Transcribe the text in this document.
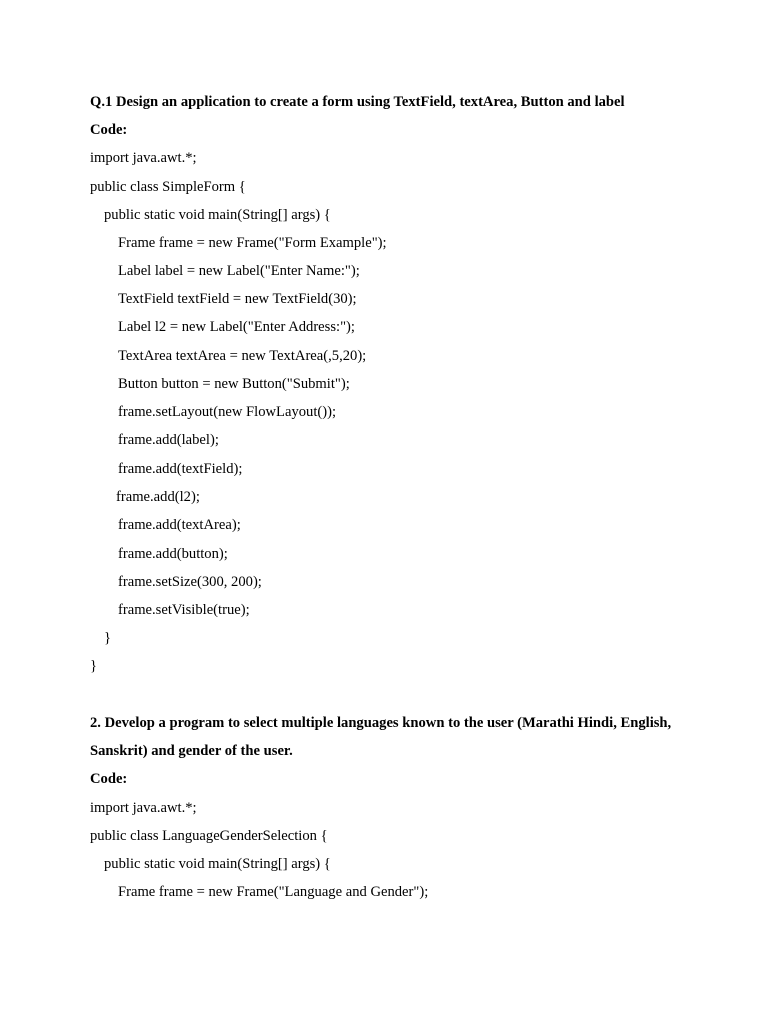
Q.1 Design an application to create a form using TextField, textArea, Button and label
Code:
import java.awt.*;
public class SimpleForm {
public static void main(String[] args) {
Frame frame = new Frame("Form Example");
Label label = new Label("Enter Name:");
TextField textField = new TextField(30);
Label l2 = new Label("Enter Address:");
TextArea textArea = new TextArea(,5,20);
Button button = new Button("Submit");
frame.setLayout(new FlowLayout());
frame.add(label);
frame.add(textField);
frame.add(l2);
frame.add(textArea);
frame.add(button);
frame.setSize(300, 200);
frame.setVisible(true);
}
}
2. Develop a program to select multiple languages known to the user (Marathi Hindi, English,
Sanskrit) and gender of the user.
Code:
import java.awt.*;
public class LanguageGenderSelection {
public static void main(String[] args) {
Frame frame = new Frame("Language and Gender");
